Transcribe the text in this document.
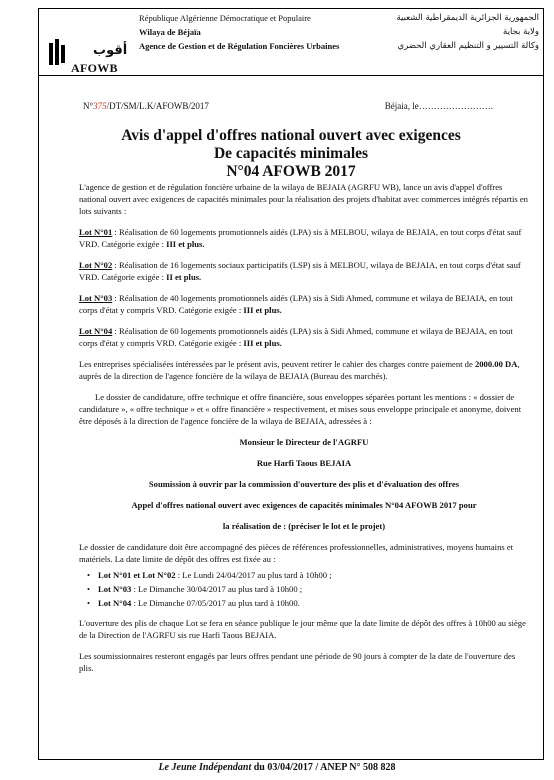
أقوب
AFOWB
République Algérienne Démocratique et Populaire
Wilaya de Béjaïa
Agence de Gestion et de Régulation Foncières Urbaines
الجمهورية الجزائرية الديمقراطية الشعبية
ولاية بجاية
وكالة التسيير و التنظيم العقاري الحضري
N°375/DT/SM/L.K/AFOWB/2017	Béjaia, le…………………….
Avis d'appel d'offres national ouvert avec exigences
De capacités minimales
N°04 AFOWB 2017

L'agence de gestion et de régulation foncière urbaine de la wilaya de BEJAIA (AGRFU WB), lance un avis d'appel d'offres national ouvert avec exigences de capacités minimales pour la réalisation des projets d'habitat avec commerces intégrés répartis en lots suivants :

Lot N°01 : Réalisation de 60 logements promotionnels aidés (LPA) sis à MELBOU, wilaya de BEJAIA, en tout corps d'état sauf VRD. Catégorie exigée : III et plus.

Lot N°02 : Réalisation de 16 logements sociaux participatifs (LSP) sis à MELBOU, wilaya de BEJAIA, en tout corps d'état sauf VRD. Catégorie exigée : II et plus.

Lot N°03 : Réalisation de 40 logements promotionnels aidés (LPA) sis à Sidi Ahmed, commune et wilaya de BEJAIA, en tout corps d'état y compris VRD. Catégorie exigée : III et plus.

Lot N°04 : Réalisation de 60 logements promotionnels aidés (LPA) sis à Sidi Ahmed, commune et wilaya de BEJAIA, en tout corps d'état y compris VRD. Catégorie exigée : III et plus.

Les entreprises spécialisées intéressées par le présent avis, peuvent retirer le cahier des charges contre paiement de 2000.00 DA, auprès de la direction de l'agence foncière de la wilaya de BEJAIA (Bureau des marchés).

Le dossier de candidature, offre technique et offre financière, sous enveloppes séparées portant les mentions : « dossier de candidature », « offre technique » et « offre financière » respectivement, et mises sous enveloppe principale et anonyme, doivent être déposés à la direction de l'agence foncière de la wilaya de BEJAIA, adressées à :

Monsieur le Directeur de l'AGRFU

Rue Harfi Taous BEJAIA

Soumission à ouvrir par la commission d'ouverture des plis et d'évaluation des offres

Appel d'offres national ouvert avec exigences de capacités minimales N°04 AFOWB 2017 pour

la réalisation de : (préciser le lot et le projet)

Le dossier de candidature doit être accompagné des pièces de références professionnelles, administratives, moyens humains et matériels. La date limite de dépôt des offres est fixée au :

• Lot N°01 et Lot N°02 : Le Lundi 24/04/2017 au plus tard à 10h00 ;
• Lot N°03 : Le Dimanche 30/04/2017 au plus tard à 10h00 ;
• Lot N°04 : Le Dimanche 07/05/2017 au plus tard à 10h00.

L'ouverture des plis de chaque Lot se fera en séance publique le jour même que la date limite de dépôt des offres à 10h00 au siège de la Direction de l'AGRFU sis rue Harfi Taous BEJAIA.

Les soumissionnaires resteront engagés par leurs offres pendant une période de 90 jours à compter de la date de l'ouverture des plis.

Le Jeune Indépendant du 03/04/2017 / ANEP N° 508 828
